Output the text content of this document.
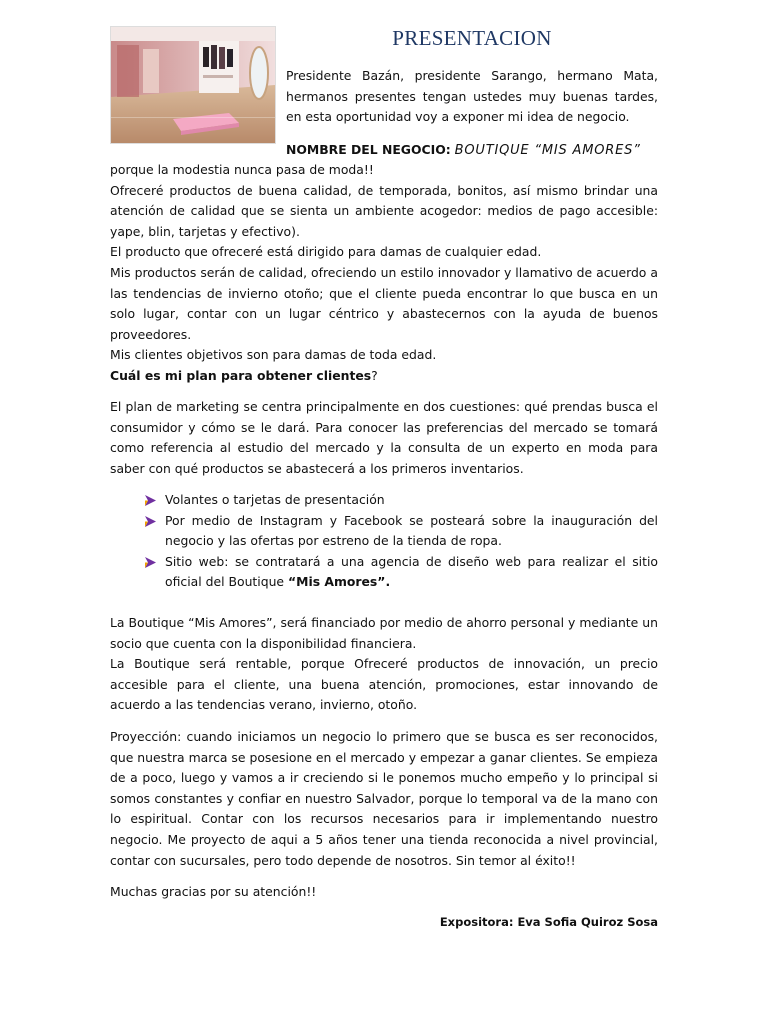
PRESENTACION
Presidente Bazán, presidente Sarango, hermano Mata, hermanos presentes tengan ustedes muy buenas tardes, en esta oportunidad voy a exponer mi idea de negocio.
NOMBRE DEL NEGOCIO: BOUTIQUE “MIS AMORES”

porque la modestia nunca pasa de moda!!

Ofreceré productos de buena calidad, de temporada, bonitos, así mismo brindar una atención de calidad que se sienta un ambiente acogedor: medios de pago accesible: yape, blin, tarjetas y efectivo).

El producto que ofreceré está dirigido para damas de cualquier edad.

Mis productos serán de calidad, ofreciendo un estilo innovador y llamativo de acuerdo a las tendencias de invierno otoño; que el cliente pueda encontrar lo que busca en un solo lugar, contar con un lugar céntrico y abastecernos con la ayuda de buenos proveedores.

Mis clientes objetivos son para damas de toda edad.

Cuál es mi plan para obtener clientes?

El plan de marketing se centra principalmente en dos cuestiones: qué prendas busca el consumidor y cómo se le dará. Para conocer las preferencias del mercado se tomará como referencia al estudio del mercado y la consulta de un experto en moda para saber con qué productos se abastecerá a los primeros inventarios.

Volantes o tarjetas de presentación
Por medio de Instagram y Facebook se posteará sobre la inauguración del negocio y las ofertas por estreno de la tienda de ropa.
Sitio web: se contratará a una agencia de diseño web para realizar el sitio oficial del Boutique “Mis Amores”.

La Boutique “Mis Amores”, será financiado por medio de ahorro personal y mediante un socio que cuenta con la disponibilidad financiera.

La Boutique será rentable, porque Ofreceré productos de innovación, un precio accesible para el cliente, una buena atención, promociones, estar innovando de acuerdo a las tendencias verano, invierno, otoño.

Proyección: cuando iniciamos un negocio lo primero que se busca es ser reconocidos, que nuestra marca se posesione en el mercado y empezar a ganar clientes. Se empieza de a poco, luego y vamos a ir creciendo si le ponemos mucho empeño y lo principal si somos constantes y confiar en nuestro Salvador, porque lo temporal va de la mano con lo espiritual. Contar con los recursos necesarios para ir implementando nuestro negocio. Me proyecto de aqui a 5 años tener una tienda reconocida a nivel provincial, contar con sucursales, pero todo depende de nosotros. Sin temor al éxito!!

Muchas gracias por su atención!!

Expositora: Eva Sofia Quiroz Sosa
